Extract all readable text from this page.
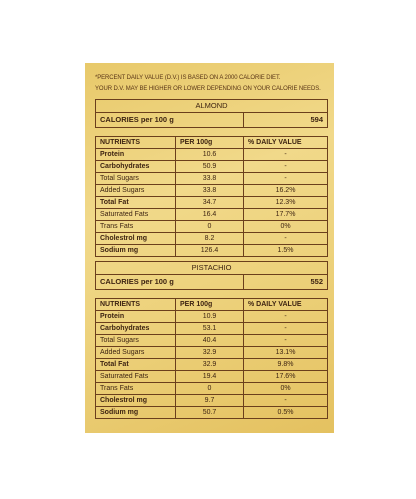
*PERCENT DAILY VALUE (D.V.) IS BASED ON A 2000 CALORIE DIET.
YOUR D.V. MAY BE HIGHER OR LOWER DEPENDING ON YOUR CALORIE NEEDS.
ALMOND		
CALORIES per 100 g		594

NUTRIENTS	PER 100g	% DAILY VALUE
Protein	10.6	-
Carbohydrates	50.9	-
Total Sugars	33.8	-
Added Sugars	33.8	16.2%
Total Fat	34.7	12.3%
Saturrated Fats	16.4	17.7%
Trans Fats	0	0%
Cholestrol mg	8.2	-
Sodium mg	126.4	1.5%
PISTACHIO		
CALORIES per 100 g		552

NUTRIENTS	PER 100g	% DAILY VALUE
Protein	10.9	-
Carbohydrates	53.1	-
Total Sugars	40.4	-
Added Sugars	32.9	13.1%
Total Fat	32.9	9.8%
Saturrated Fats	19.4	17.6%
Trans Fats	0	0%
Cholestrol mg	9.7	-
Sodium mg	50.7	0.5%
